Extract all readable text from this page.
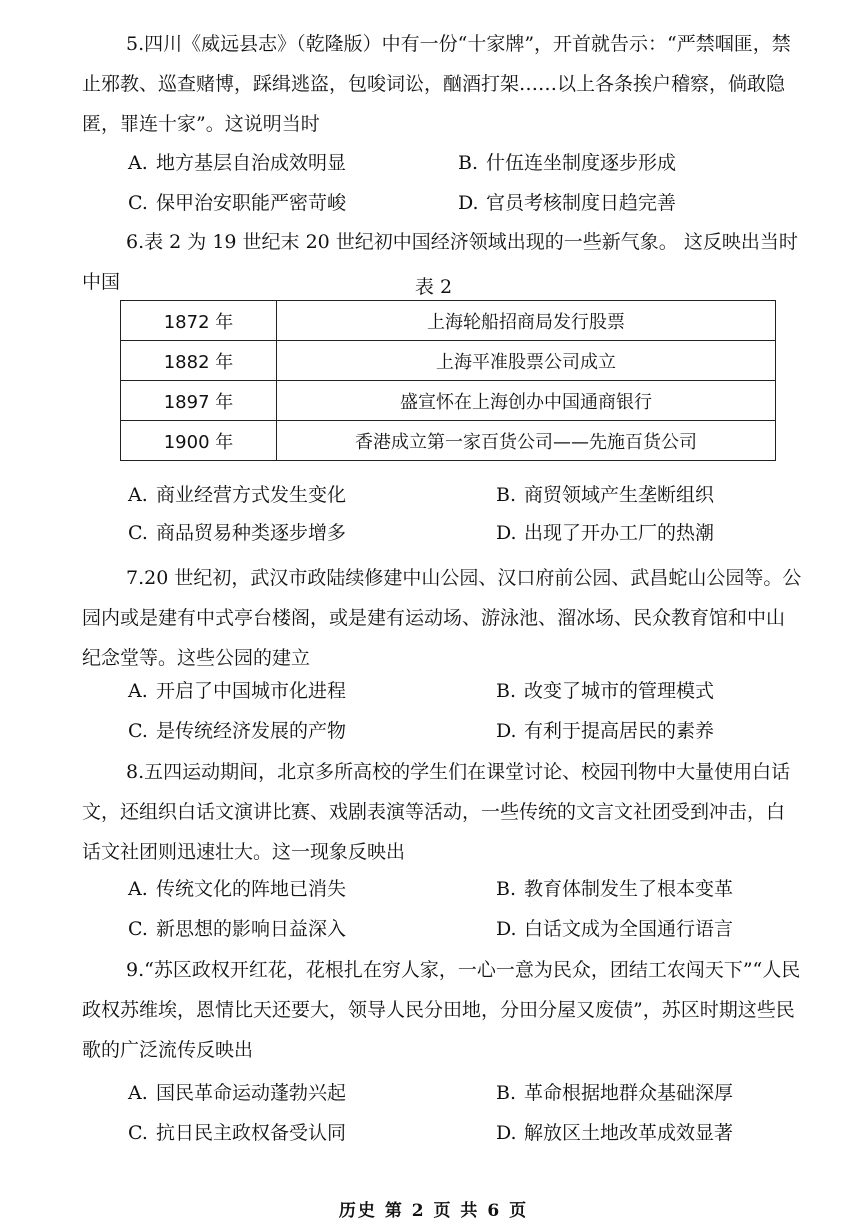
5.四川《威远县志》（乾隆版）中有一份“十家牌”，开首就告示：“严禁啯匪，禁止邪教、巡查赌博，踩缉逃盗，包唆词讼，酗酒打架……以上各条挨户稽察，倘敢隐匿，罪连十家”。这说明当时

A. 地方基层自治成效明显	B. 什伍连坐制度逐步形成
C. 保甲治安职能严密苛峻	D. 官员考核制度日趋完善

6.表 2 为 19 世纪末 20 世纪初中国经济领域出现的一些新气象。 这反映出当时中国	表 2
1872 年	上海轮船招商局发行股票
1882 年	上海平准股票公司成立
1897 年	盛宣怀在上海创办中国通商银行
1900 年	香港成立第一家百货公司——先施百货公司
A. 商业经营方式发生变化	B. 商贸领域产生垄断组织
C. 商品贸易种类逐步增多	D. 出现了开办工厂的热潮

7.20 世纪初，武汉市政陆续修建中山公园、汉口府前公园、武昌蛇山公园等。公园内或是建有中式亭台楼阁，或是建有运动场、游泳池、溜冰场、民众教育馆和中山纪念堂等。这些公园的建立

A. 开启了中国城市化进程	B. 改变了城市的管理模式
C. 是传统经济发展的产物	D. 有利于提高居民的素养

8.五四运动期间，北京多所高校的学生们在课堂讨论、校园刊物中大量使用白话文，还组织白话文演讲比赛、戏剧表演等活动，一些传统的文言文社团受到冲击，白话文社团则迅速壮大。这一现象反映出

A. 传统文化的阵地已消失	B. 教育体制发生了根本变革
C. 新思想的影响日益深入	D. 白话文成为全国通行语言

9.“苏区政权开红花，花根扎在穷人家，一心一意为民众，团结工农闯天下”“人民政权苏维埃，恩情比天还要大，领导人民分田地，分田分屋又废债”，苏区时期这些民歌的广泛流传反映出

A. 国民革命运动蓬勃兴起	B. 革命根据地群众基础深厚
C. 抗日民主政权备受认同	D. 解放区土地改革成效显著
历史 第 2 页 共 6 页
